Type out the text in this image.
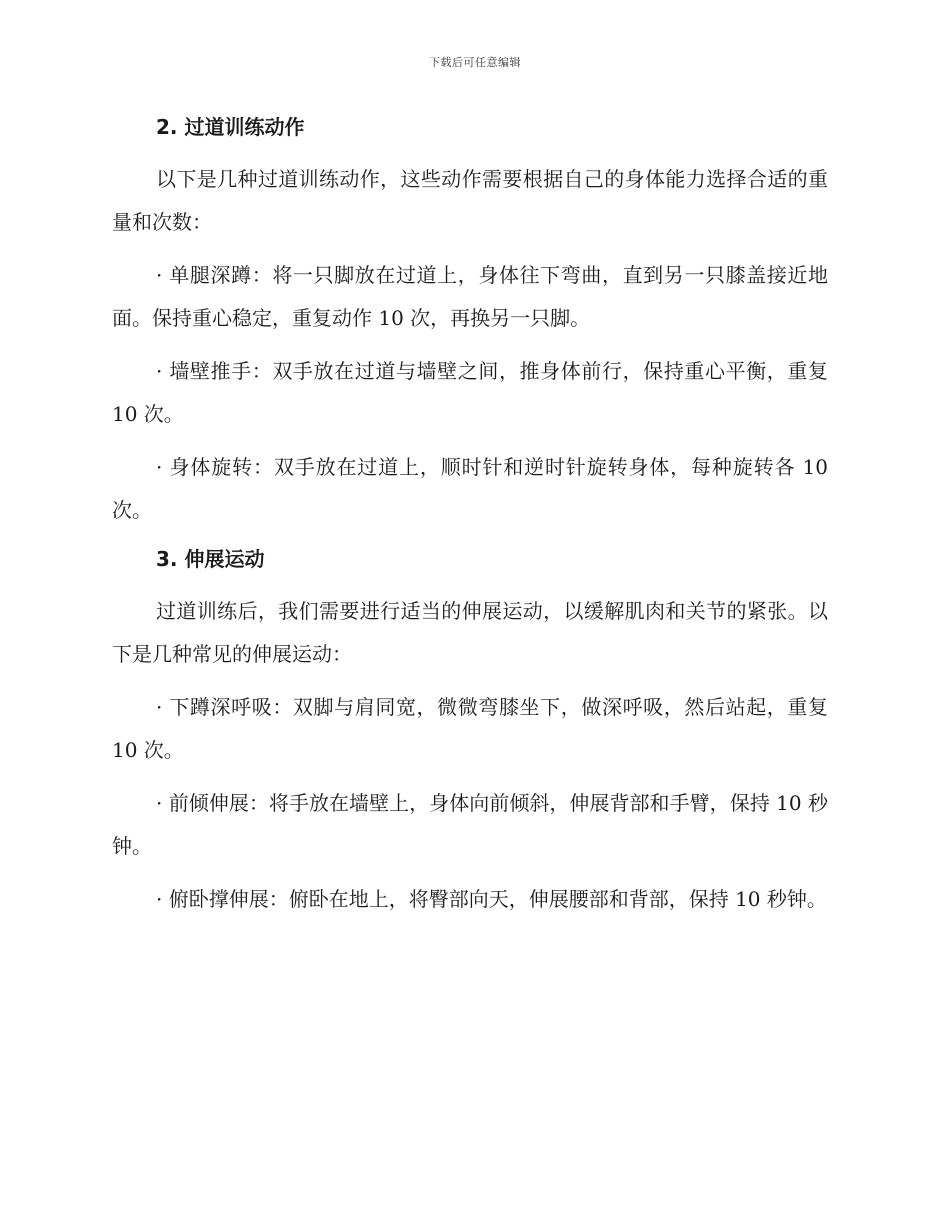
下载后可任意编辑
2. 过道训练动作

以下是几种过道训练动作，这些动作需要根据自己的身体能力选择合适的重量和次数：

· 单腿深蹲：将一只脚放在过道上，身体往下弯曲，直到另一只膝盖接近地面。保持重心稳定，重复动作 10 次，再换另一只脚。

· 墙壁推手：双手放在过道与墙壁之间，推身体前行，保持重心平衡，重复 10 次。

· 身体旋转：双手放在过道上，顺时针和逆时针旋转身体，每种旋转各 10 次。

3. 伸展运动

过道训练后，我们需要进行适当的伸展运动，以缓解肌肉和关节的紧张。以下是几种常见的伸展运动：

· 下蹲深呼吸：双脚与肩同宽，微微弯膝坐下，做深呼吸，然后站起，重复 10 次。

· 前倾伸展：将手放在墙壁上，身体向前倾斜，伸展背部和手臂，保持 10 秒钟。

· 俯卧撑伸展：俯卧在地上，将臀部向天，伸展腰部和背部，保持 10 秒钟。
